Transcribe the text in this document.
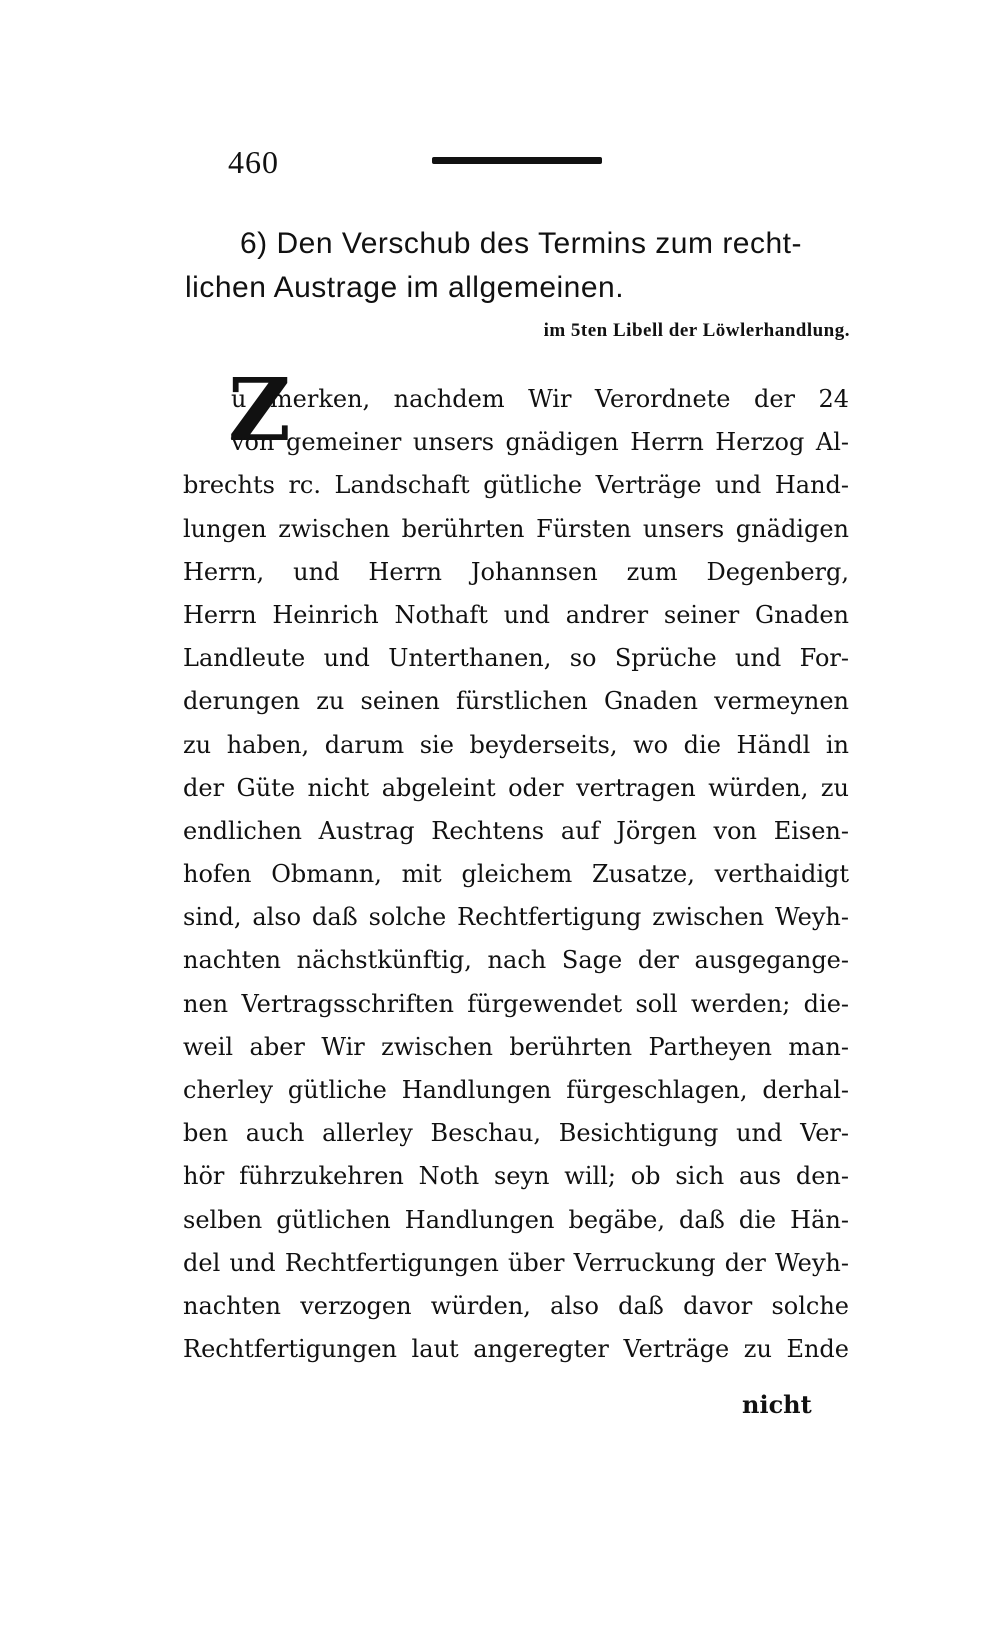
460
6) Den Verschub des Termins zum recht-
lichen Austrage im allgemeinen.
im 5ten Libell der Löwlerhandlung.
Z
u merken, nachdem Wir Verordnete der 24
von gemeiner unsers gnädigen Herrn Herzog Al-
brechts rc. Landschaft gütliche Verträge und Hand-
lungen zwischen berührten Fürsten unsers gnädigen
Herrn, und Herrn Johannsen zum Degenberg,
Herrn Heinrich Nothaft und andrer seiner Gnaden
Landleute und Unterthanen, so Sprüche und For-
derungen zu seinen fürstlichen Gnaden vermeynen
zu haben, darum sie beyderseits, wo die Händl in
der Güte nicht abgeleint oder vertragen würden, zu
endlichen Austrag Rechtens auf Jörgen von Eisen-
hofen Obmann, mit gleichem Zusatze, verthaidigt
sind, also daß solche Rechtfertigung zwischen Weyh-
nachten nächstkünftig, nach Sage der ausgegange-
nen Vertragsschriften fürgewendet soll werden; die-
weil aber Wir zwischen berührten Partheyen man-
cherley gütliche Handlungen fürgeschlagen, derhal-
ben auch allerley Beschau, Besichtigung und Ver-
hör führzukehren Noth seyn will; ob sich aus den-
selben gütlichen Handlungen begäbe, daß die Hän-
del und Rechtfertigungen über Verruckung der Weyh-
nachten verzogen würden, also daß davor solche
Rechtfertigungen laut angeregter Verträge zu Ende
nicht
